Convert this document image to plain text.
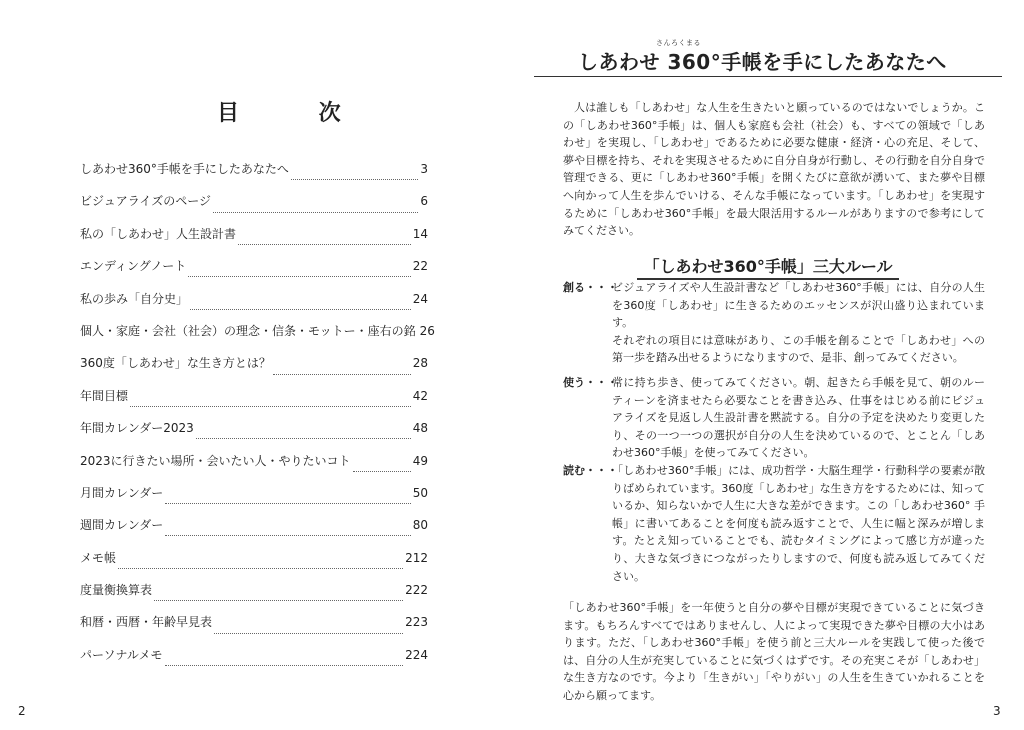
目 次
しあわせ360°手帳を手にしたあなたへ	3
ビジュアライズのページ	6
私の「しあわせ」人生設計書	14
エンディングノート	22
私の歩み「自分史」	24
個人・家庭・会社（社会）の理念・信条・モットー・座右の銘 26
360度「しあわせ」な生き方とは？	28
年間目標	42
年間カレンダー2023	48
2023に行きたい場所・会いたい人・やりたいコト	49
月間カレンダー	50
週間カレンダー	80
メモ帳	212
度量衡換算表	222
和暦・西暦・年齢早見表	223
パーソナルメモ	224
2
さんろくまる
しあわせ 360°手帳を手にしたあなたへ

人は誰しも「しあわせ」な人生を生きたいと願っているのではないでしょうか。この「しあわせ360°手帳」は、個人も家庭も会社（社会）も、すべての領域で「しあわせ」を実現し、「しあわせ」であるために必要な健康・経済・心の充足、そして、夢や目標を持ち、それを実現させるために自分自身が行動し、その行動を自分自身で管理できる、更に「しあわせ360°手帳」を開くたびに意欲が湧いて、また夢や目標へ向かって人生を歩んでいける、そんな手帳になっています。「しあわせ」を実現するために「しあわせ360°手帳」を最大限活用するルールがありますので参考にしてみてください。

「しあわせ360°手帳」三大ルール
創る・・・

ビジュアライズや人生設計書など「しあわせ360°手帳」には、自分の人生を360度「しあわせ」に生きるためのエッセンスが沢山盛り込まれています。

それぞれの項目には意味があり、この手帳を創ることで「しあわせ」への第一歩を踏み出せるようになりますので、是非、創ってみてください。

使う・・・

常に持ち歩き、使ってみてください。朝、起きたら手帳を見て、朝のルーティーンを済ませたら必要なことを書き込み、仕事をはじめる前にビジュアライズを見返し人生設計書を黙読する。自分の予定を決めたり変更したり、その一つ一つの選択が自分の人生を決めているので、とことん「しあわせ360°手帳」を使ってみてください。

読む・・・

「しあわせ360°手帳」には、成功哲学・大脳生理学・行動科学の要素が散りばめられています。360度「しあわせ」な生き方をするためには、知っているか、知らないかで人生に大きな差ができます。この「しあわせ360° 手帳」に書いてあることを何度も読み返すことで、人生に幅と深みが増します。たとえ知っていることでも、読むタイミングによって感じ方が違ったり、大きな気づきにつながったりしますので、何度も読み返してみてください。

「しあわせ360°手帳」を一年使うと自分の夢や目標が実現できていることに気づきます。もちろんすべてではありませんし、人によって実現できた夢や目標の大小はあります。ただ、「しあわせ360°手帳」を使う前と三大ルールを実践して使った後では、自分の人生が充実していることに気づくはずです。その充実こそが「しあわせ」な生き方なのです。今より「生きがい」「やりがい」の人生を生きていかれることを心から願ってます。

3
